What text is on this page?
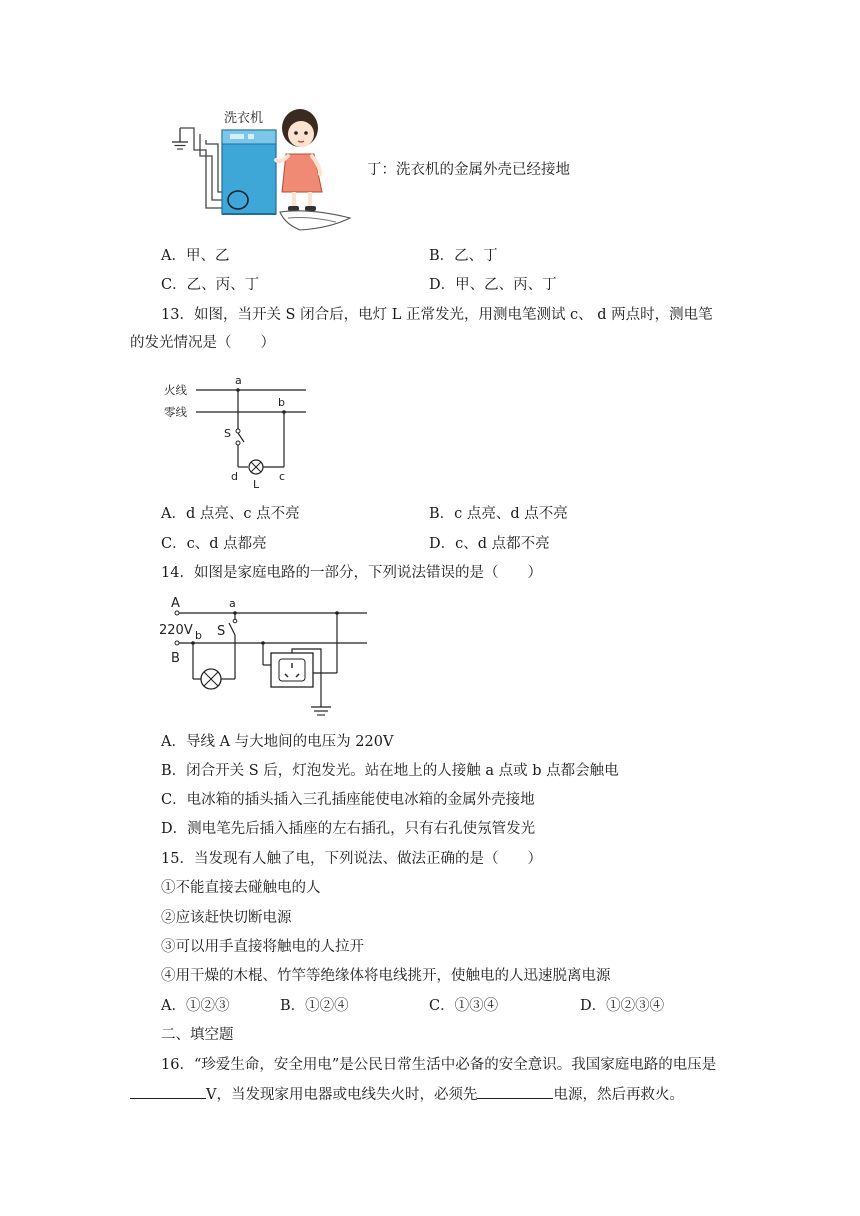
洗衣机
丁：洗衣机的金属外壳已经接地
A．甲、乙	B．乙、丁
C．乙、丙、丁	D．甲、乙、丙、丁
13．如图，当开关 S 闭合后，电灯 L 正常发光，用测电笔测试 c、 d 两点时，测电笔
的发光情况是（　　）
火线
零线
a
b
S
d	c
L
A．d 点亮、c 点不亮	B．c 点亮、d 点不亮
C．c、d 点都亮	D．c、d 点都不亮
14．如图是家庭电路的一部分，下列说法错误的是（　　）
A
220V b
a
S
B
A．导线 A 与大地间的电压为 220V
B．闭合开关 S 后，灯泡发光。站在地上的人接触 a 点或 b 点都会触电
C．电冰箱的插头插入三孔插座能使电冰箱的金属外壳接地
D．测电笔先后插入插座的左右插孔，只有右孔使氖管发光
15．当发现有人触了电，下列说法、做法正确的是（　　）
①不能直接去碰触电的人
②应该赶快切断电源
③可以用手直接将触电的人拉开
④用干燥的木棍、竹竿等绝缘体将电线挑开，使触电的人迅速脱离电源
A．①②③	B．①②④	C．①③④	D．①②③④
二、填空题
16．“珍爱生命，安全用电”是公民日常生活中必备的安全意识。我国家庭电路的电压是
V，当发现家用电器或电线失火时，必须先	电源，然后再救火。
